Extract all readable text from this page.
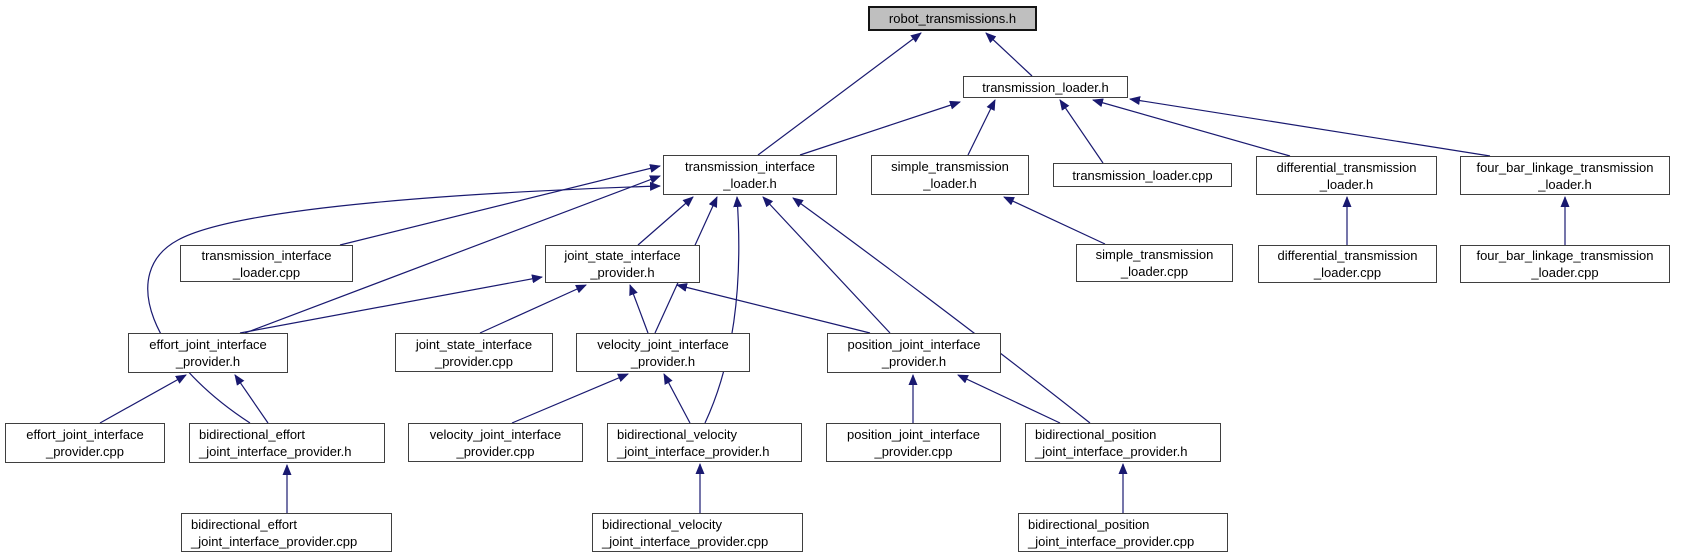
robot_transmissions.h
transmission_loader.h
transmission_interface
_loader.h
simple_transmission
_loader.h
transmission_loader.cpp
differential_transmission
_loader.h
four_bar_linkage_transmission
_loader.h
transmission_interface
_loader.cpp
joint_state_interface
_provider.h
simple_transmission
_loader.cpp
differential_transmission
_loader.cpp
four_bar_linkage_transmission
_loader.cpp
effort_joint_interface
_provider.h
joint_state_interface
_provider.cpp
velocity_joint_interface
_provider.h
position_joint_interface
_provider.h
effort_joint_interface
_provider.cpp
bidirectional_effort
_joint_interface_provider.h
velocity_joint_interface
_provider.cpp
bidirectional_velocity
_joint_interface_provider.h
position_joint_interface
_provider.cpp
bidirectional_position
_joint_interface_provider.h
bidirectional_effort
_joint_interface_provider.cpp
bidirectional_velocity
_joint_interface_provider.cpp
bidirectional_position
_joint_interface_provider.cpp
